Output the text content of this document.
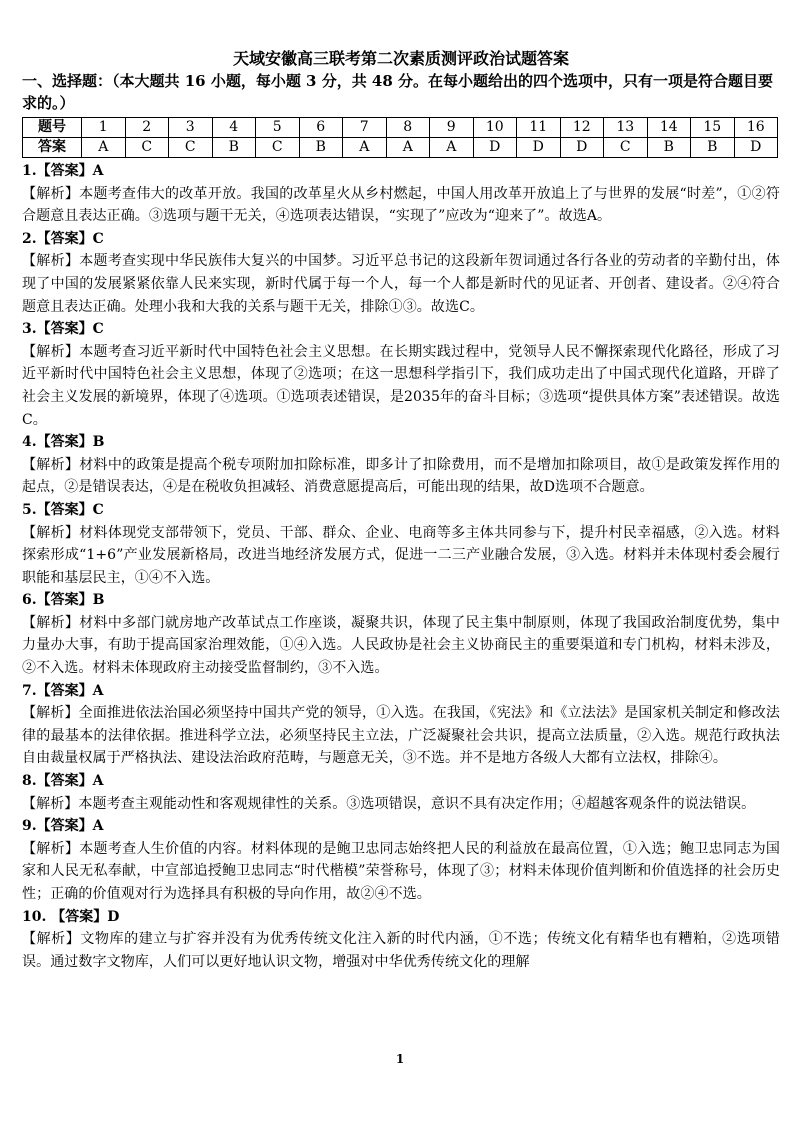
天域安徽高三联考第二次素质测评政治试题答案

一、选择题：（本大题共 16 小题，每小题 3 分，共 48 分。在每小题给出的四个选项中，只有一项是符合题目要求的。）

题号	1	2	3	4	5	6	7	8	9	10	11	12	13	14	15	16
答案	A	C	C	B	C	B	A	A	A	D	D	D	C	B	B	D

1.【答案】A

【解析】本题考查伟大的改革开放。我国的改革星火从乡村燃起，中国人用改革开放追上了与世界的发展“时差”，①②符合题意且表达正确。③选项与题干无关，④选项表达错误，“实现了”应改为“迎来了”。故选A。

2.【答案】C

【解析】本题考查实现中华民族伟大复兴的中国梦。习近平总书记的这段新年贺词通过各行各业的劳动者的辛勤付出，体现了中国的发展紧紧依靠人民来实现，新时代属于每一个人，每一个人都是新时代的见证者、开创者、建设者。②④符合题意且表达正确。处理小我和大我的关系与题干无关，排除①③。故选C。

3.【答案】C

【解析】本题考查习近平新时代中国特色社会主义思想。在长期实践过程中，党领导人民不懈探索现代化路径，形成了习近平新时代中国特色社会主义思想，体现了②选项；在这一思想科学指引下，我们成功走出了中国式现代化道路，开辟了社会主义发展的新境界，体现了④选项。①选项表述错误，是2035年的奋斗目标；③选项“提供具体方案”表述错误。故选C。

4.【答案】B

【解析】材料中的政策是提高个税专项附加扣除标准，即多计了扣除费用，而不是增加扣除项目，故①是政策发挥作用的起点，②是错误表达，④是在税收负担减轻、消费意愿提高后，可能出现的结果，故D选项不合题意。

5.【答案】C

【解析】材料体现党支部带领下，党员、干部、群众、企业、电商等多主体共同参与下，提升村民幸福感，②入选。材料探索形成“1+6”产业发展新格局，改进当地经济发展方式，促进一二三产业融合发展，③入选。材料并未体现村委会履行职能和基层民主，①④不入选。

6.【答案】B

【解析】材料中多部门就房地产改革试点工作座谈，凝聚共识，体现了民主集中制原则，体现了我国政治制度优势，集中力量办大事，有助于提高国家治理效能，①④入选。人民政协是社会主义协商民主的重要渠道和专门机构，材料未涉及，②不入选。材料未体现政府主动接受监督制约，③不入选。

7.【答案】A

【解析】全面推进依法治国必须坚持中国共产党的领导，①入选。在我国，《宪法》和《立法法》是国家机关制定和修改法律的最基本的法律依据。推进科学立法，必须坚持民主立法，广泛凝聚社会共识，提高立法质量，②入选。规范行政执法自由裁量权属于严格执法、建设法治政府范畴，与题意无关，③不选。并不是地方各级人大都有立法权，排除④。

8.【答案】A

【解析】本题考查主观能动性和客观规律性的关系。③选项错误，意识不具有决定作用；④超越客观条件的说法错误。

9.【答案】A

【解析】本题考查人生价值的内容。材料体现的是鲍卫忠同志始终把人民的利益放在最高位置，①入选；鲍卫忠同志为国家和人民无私奉献，中宣部追授鲍卫忠同志“时代楷模”荣誉称号，体现了③；材料未体现价值判断和价值选择的社会历史性；正确的价值观对行为选择具有积极的导向作用，故②④不选。

10. 【答案】D

【解析】文物库的建立与扩容并没有为优秀传统文化注入新的时代内涵，①不选；传统文化有精华也有糟粕，②选项错误。通过数字文物库，人们可以更好地认识文物，增强对中华优秀传统文化的理解

1
